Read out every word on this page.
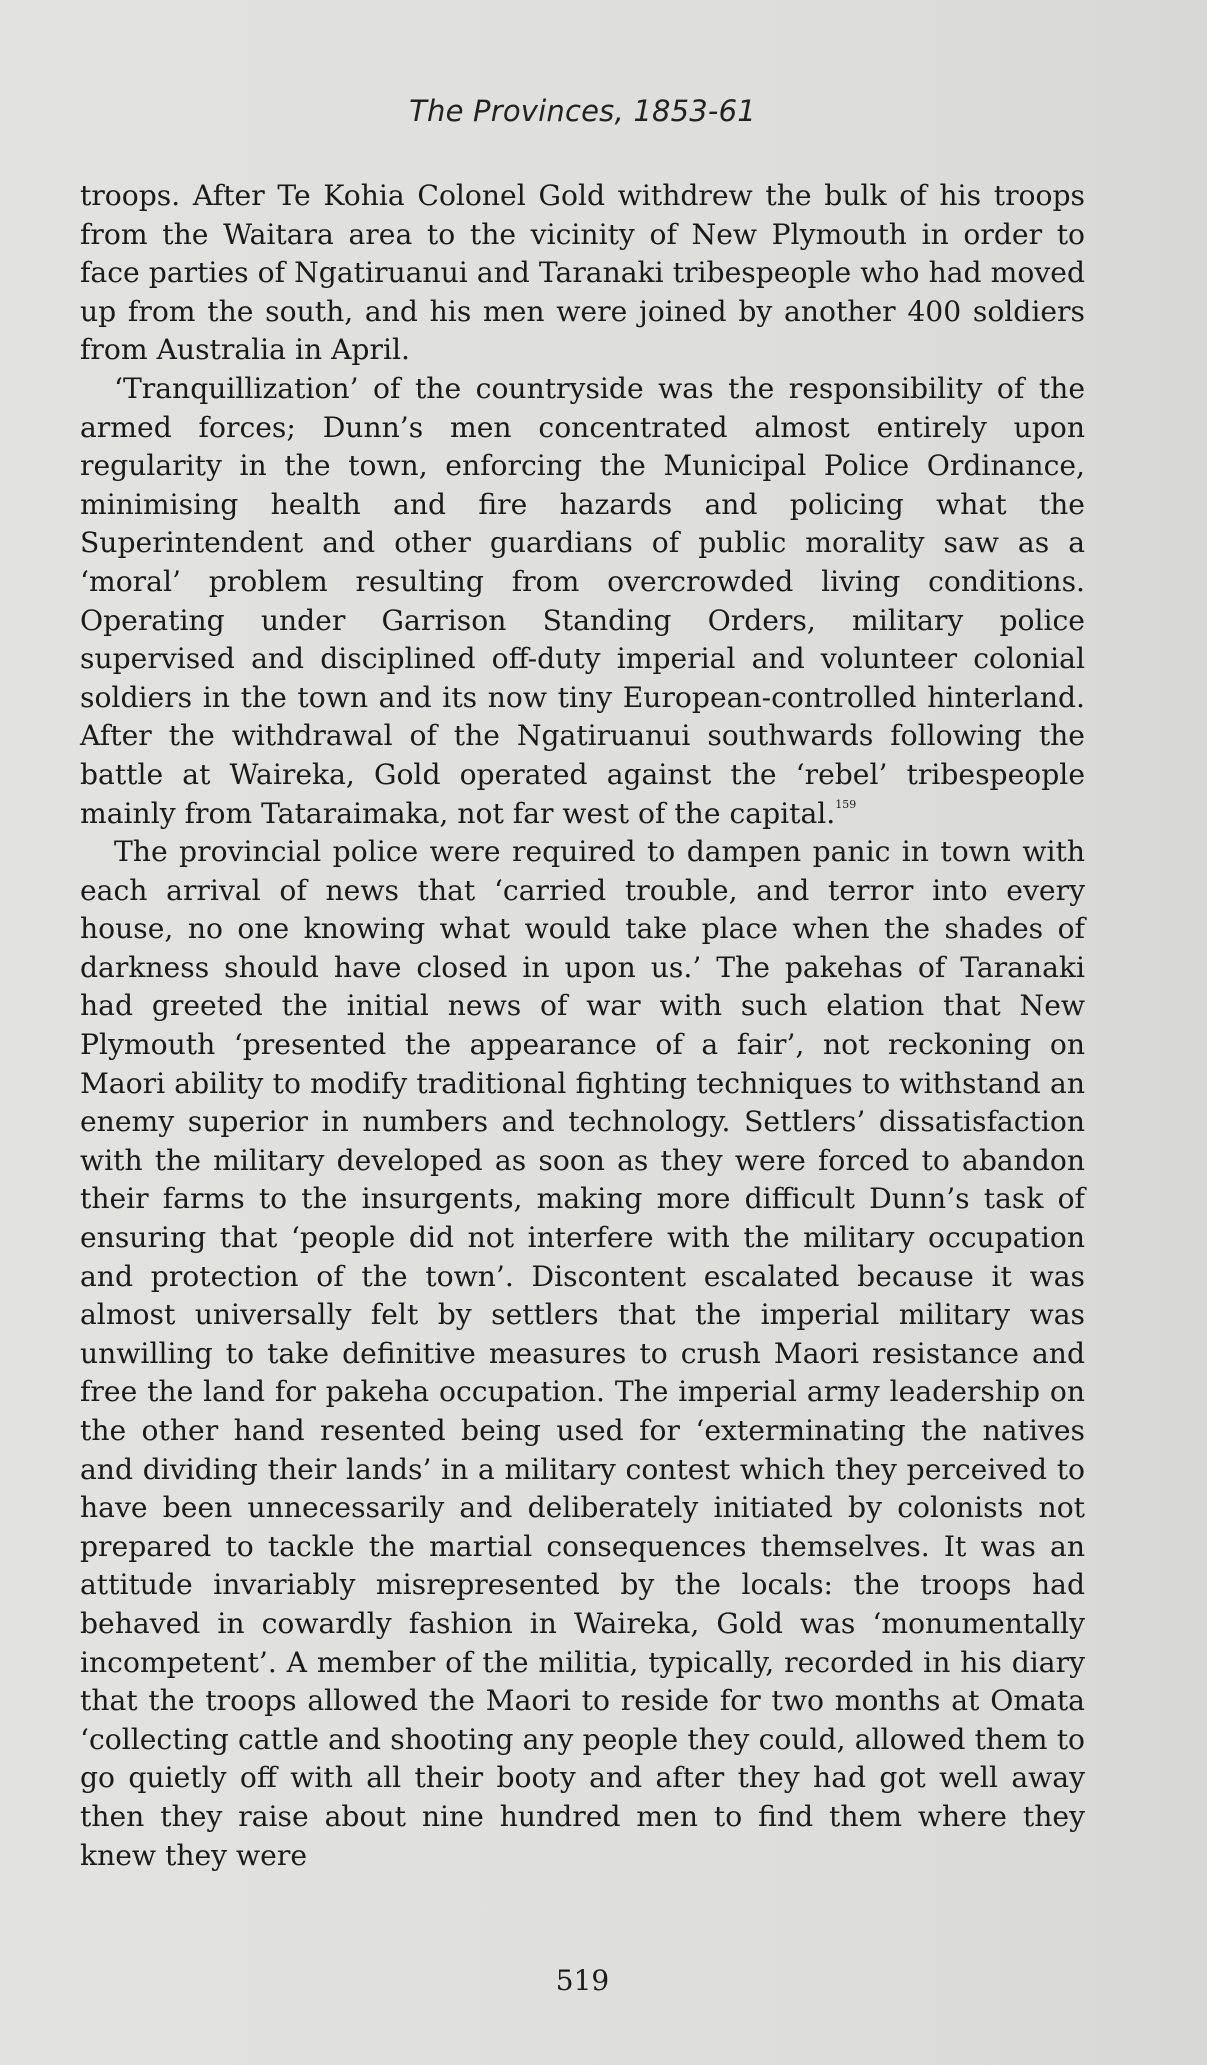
The Provinces, 1853-61

troops. After Te Kohia Colonel Gold withdrew the bulk of his troops from the Waitara area to the vicinity of New Plymouth in order to face parties of Ngatiruanui and Taranaki tribespeople who had moved up from the south, and his men were joined by another 400 soldiers from Australia in April.

‘Tranquillization’ of the countryside was the responsibility of the armed forces; Dunn’s men concentrated almost entirely upon regularity in the town, enforcing the Municipal Police Ordinance, minimising health and fire hazards and policing what the Superintendent and other guardians of public morality saw as a ‘moral’ problem resulting from overcrowded living conditions. Operating under Garrison Standing Orders, military police supervised and disciplined off-duty imperial and volunteer colonial soldiers in the town and its now tiny European-controlled hinterland. After the withdrawal of the Ngatiruanui southwards following the battle at Waireka, Gold operated against the ‘rebel’ tribespeople mainly from Tataraimaka, not far west of the capital.$^{159}$

The provincial police were required to dampen panic in town with each arrival of news that ‘carried trouble, and terror into every house, no one knowing what would take place when the shades of darkness should have closed in upon us.’ The pakehas of Taranaki had greeted the initial news of war with such elation that New Plymouth ‘presented the appearance of a fair’, not reckoning on Maori ability to modify traditional fighting techniques to withstand an enemy superior in numbers and technology. Settlers’ dissatisfaction with the military developed as soon as they were forced to abandon their farms to the insurgents, making more difficult Dunn’s task of ensuring that ‘people did not interfere with the military occupation and protection of the town’. Discontent escalated because it was almost universally felt by settlers that the imperial military was unwilling to take definitive measures to crush Maori resistance and free the land for pakeha occupation. The imperial army leadership on the other hand resented being used for ‘exterminating the natives and dividing their lands’ in a military contest which they perceived to have been unnecessarily and deliberately initiated by colonists not prepared to tackle the martial consequences themselves. It was an attitude invariably misrepresented by the locals: the troops had behaved in cowardly fashion in Waireka, Gold was ‘monumentally incompetent’. A member of the militia, typically, recorded in his diary that the troops allowed the Maori to reside for two months at Omata ‘collecting cattle and shooting any people they could, allowed them to go quietly off with all their booty and after they had got well away then they raise about nine hundred men to find them where they knew they were

519
